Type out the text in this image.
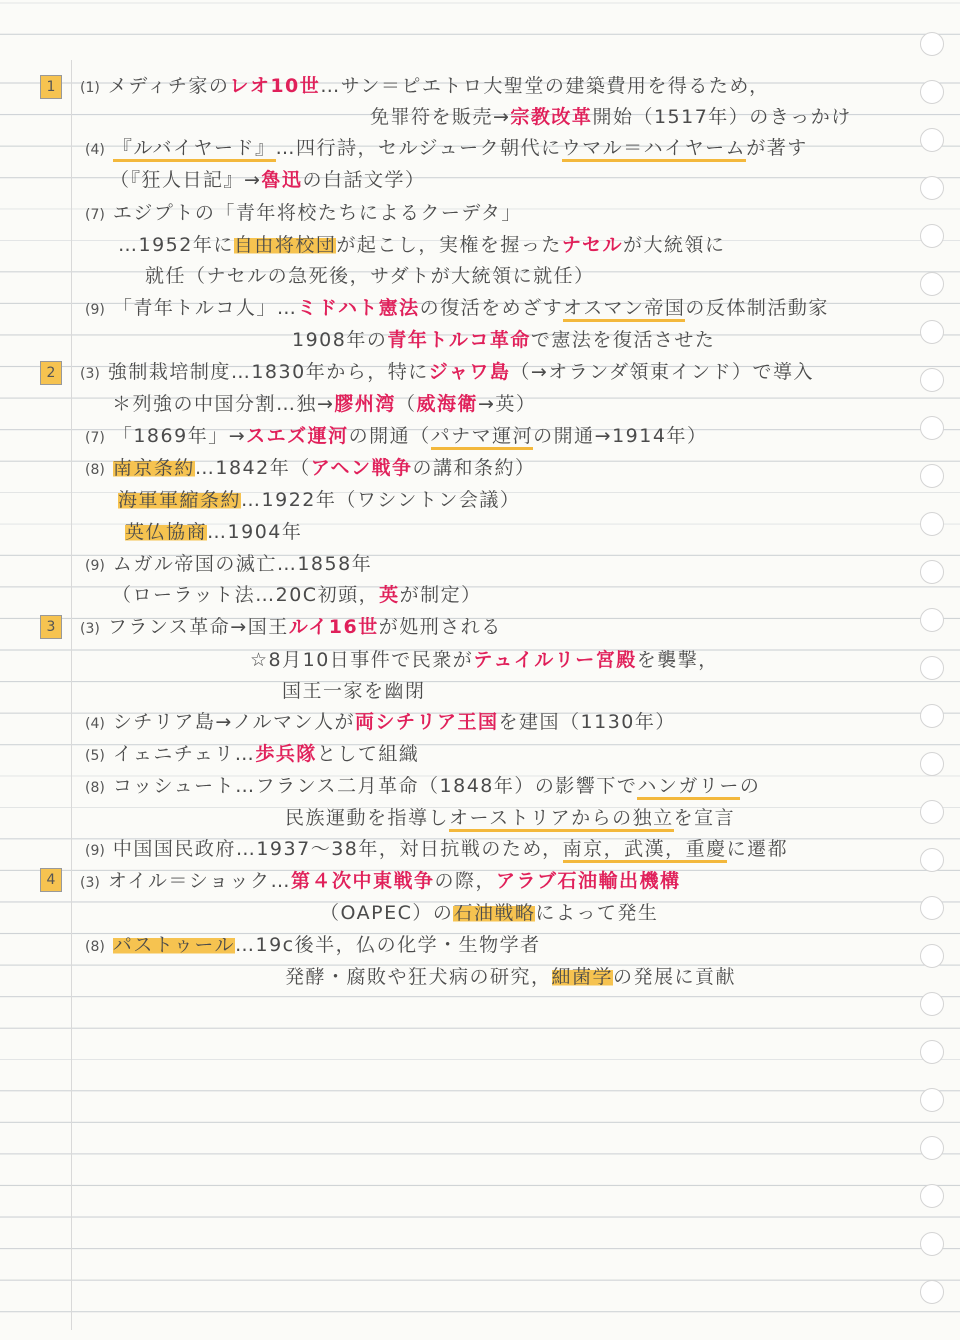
1
2
3
4
(1) メディチ家のレオ10世…サン＝ピエトロ大聖堂の建築費用を得るため，
免罪符を販売→宗教改革開始（1517年）のきっかけ
(4) 『ルバイヤード』…四行詩，セルジューク朝代にウマル＝ハイヤームが著す
（『狂人日記』→魯迅の白話文学）
(7) エジプトの「青年将校たちによるクーデタ」
…1952年に自由将校団が起こし，実権を握ったナセルが大統領に
就任（ナセルの急死後，サダトが大統領に就任）
(9) 「青年トルコ人」…ミドハト憲法の復活をめざすオスマン帝国の反体制活動家
1908年の青年トルコ革命で憲法を復活させた
(3) 強制栽培制度…1830年から，特にジャワ島（→オランダ領東インド）で導入
＊列強の中国分割…独→膠州湾（威海衛→英）
(7) 「1869年」→スエズ運河の開通（パナマ運河の開通→1914年）
(8) 南京条約…1842年（アヘン戦争の講和条約）
海軍軍縮条約…1922年（ワシントン会議）
英仏協商…1904年
(9) ムガル帝国の滅亡…1858年
（ローラット法…20C初頭，英が制定）
(3) フランス革命→国王ルイ16世が処刑される
☆8月10日事件で民衆がテュイルリー宮殿を襲撃，
国王一家を幽閉
(4) シチリア島→ノルマン人が両シチリア王国を建国（1130年）
(5) イェニチェリ…歩兵隊として組織
(8) コッシュート…フランス二月革命（1848年）の影響下でハンガリーの
民族運動を指導しオーストリアからの独立を宣言
(9) 中国国民政府…1937～38年，対日抗戦のため，南京，武漢，重慶に遷都
(3) オイル＝ショック…第４次中東戦争の際，アラブ石油輸出機構
（OAPEC）の石油戦略によって発生
(8) パストゥール…19c後半，仏の化学・生物学者
発酵・腐敗や狂犬病の研究，細菌学の発展に貢献
